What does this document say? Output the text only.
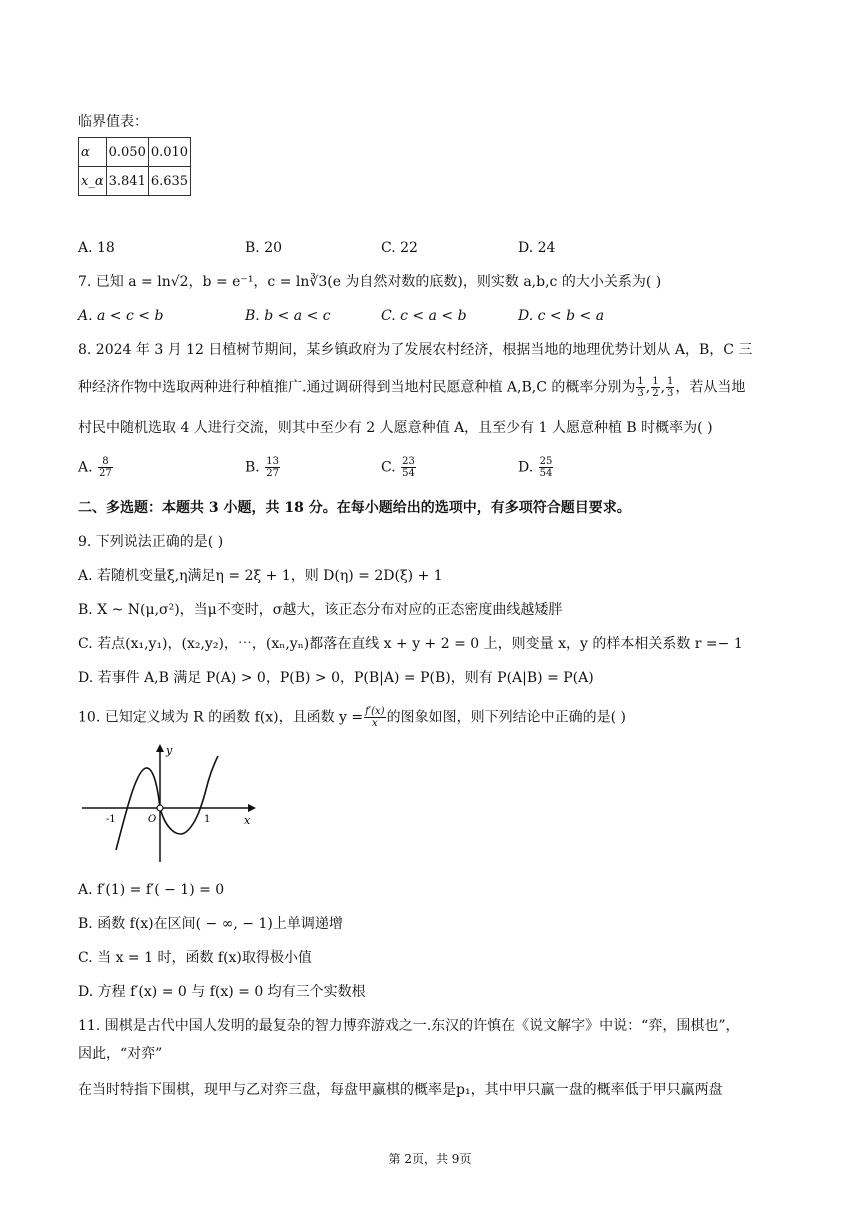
临界值表：
α	0.050	0.010
x_α	3.841	6.635
A. 18	B. 20	C. 22	D. 24
7. 已知 a = ln√2，b = e⁻¹，c = ln∛3(e 为自然对数的底数)，则实数 a,b,c 的大小关系为( )
A. a < c < b	B. b < a < c	C. c < a < b	D. c < b < a
8. 2024 年 3 月 12 日植树节期间，某乡镇政府为了发展农村经济，根据当地的地理优势计划从 A，B，C 三
种经济作物中选取两种进行种植推广.通过调研得到当地村民愿意种植 A,B,C 的概率分别为 $\frac{1}{3}$ , $\frac{1}{2}$ , $\frac{1}{3}$ ，若从当地
村民中随机选取 4 人进行交流，则其中至少有 2 人愿意种值 A，且至少有 1 人愿意种植 B 时概率为( )
A. $\frac{8}{27}$	B. $\frac{13}{27}$	C. $\frac{23}{54}$	D. $\frac{25}{54}$
二、多选题：本题共 3 小题，共 18 分。在每小题给出的选项中，有多项符合题目要求。
9. 下列说法正确的是( )
A. 若随机变量ξ,η满足η = 2ξ + 1，则 D(η) = 2D(ξ) + 1
B. X ~ N(μ,σ²)，当μ不变时，σ越大，该正态分布对应的正态密度曲线越矮胖
C. 若点(x₁,y₁)，(x₂,y₂)，⋯，(xₙ,yₙ)都落在直线 x + y + 2 = 0 上，则变量 x，y 的样本相关系数 r =− 1
D. 若事件 A,B 满足 P(A) > 0，P(B) > 0，P(B|A) = P(B)，则有 P(A|B) = P(A)
10. 已知定义域为 R 的函数 f(x)，且函数 $y = \frac{f'(x)}{x}$ 的图象如图，则下列结论中正确的是( )
y
x
-1	O	1
A. f′(1) = f′( − 1) = 0
B. 函数 f(x)在区间( − ∞, − 1)上单调递增
C. 当 x = 1 时，函数 f(x)取得极小值
D. 方程 f′(x) = 0 与 f(x) = 0 均有三个实数根
11. 围棋是古代中国人发明的最复杂的智力博弈游戏之一.东汉的许慎在《说文解字》中说：“弈，围棋也”，
因此，“对弈”
在当时特指下围棋，现甲与乙对弈三盘，每盘甲赢棋的概率是p₁，其中甲只赢一盘的概率低于甲只赢两盘
第 2页，共 9页
